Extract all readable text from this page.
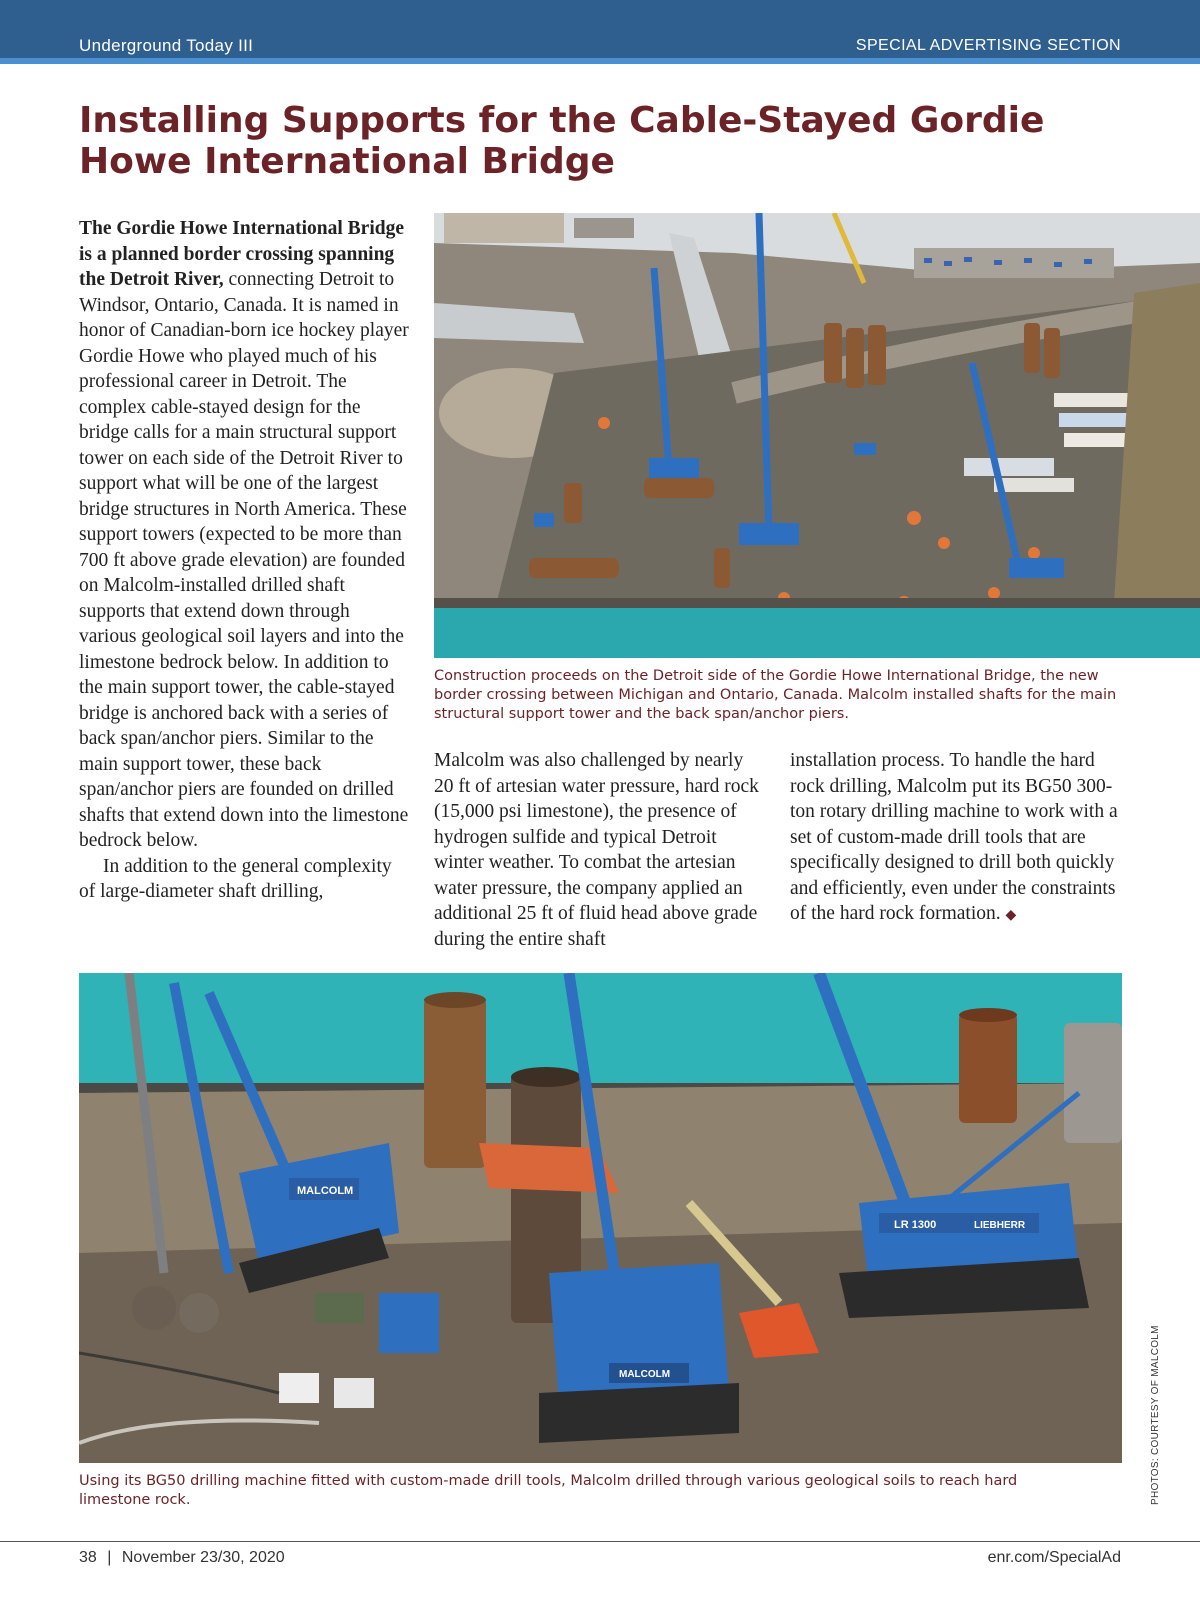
Underground Today III	SPECIAL ADVERTISING SECTION
Installing Supports for the Cable-Stayed Gordie Howe International Bridge
The Gordie Howe International Bridge is a planned border crossing spanning the Detroit River, connecting Detroit to Windsor, Ontario, Canada. It is named in honor of Canadian-born ice hockey player Gordie Howe who played much of his professional career in Detroit. The complex cable-stayed design for the bridge calls for a main structural support tower on each side of the Detroit River to support what will be one of the largest bridge structures in North America. These support towers (expected to be more than 700 ft above grade elevation) are founded on Malcolm-installed drilled shaft supports that extend down through various geological soil layers and into the limestone bedrock below. In addition to the main support tower, the cable-stayed bridge is anchored back with a series of back span/anchor piers. Similar to the main support tower, these back span/anchor piers are founded on drilled shafts that extend down into the limestone bedrock below.
In addition to the general complexity of large-diameter shaft drilling,
Construction proceeds on the Detroit side of the Gordie Howe International Bridge, the new border crossing between Michigan and Ontario, Canada. Malcolm installed shafts for the main structural support tower and the back span/anchor piers.
Malcolm was also challenged by nearly 20 ft of artesian water pressure, hard rock (15,000 psi limestone), the presence of hydrogen sulfide and typical Detroit winter weather. To combat the artesian water pressure, the company applied an additional 25 ft of fluid head above grade during the entire shaft
installation process. To handle the hard rock drilling, Malcolm put its BG50 300-ton rotary drilling machine to work with a set of custom-made drill tools that are specifically designed to drill both quickly and efficiently, even under the constraints of the hard rock formation. ◆
MALCOLM
MALCOLM
LR 1300	LIEBHERR
Using its BG50 drilling machine fitted with custom-made drill tools, Malcolm drilled through various geological soils to reach hard limestone rock.	PHOTOS: COURTESY OF MALCOLM
38 | November 23/30, 2020	enr.com/SpecialAd
